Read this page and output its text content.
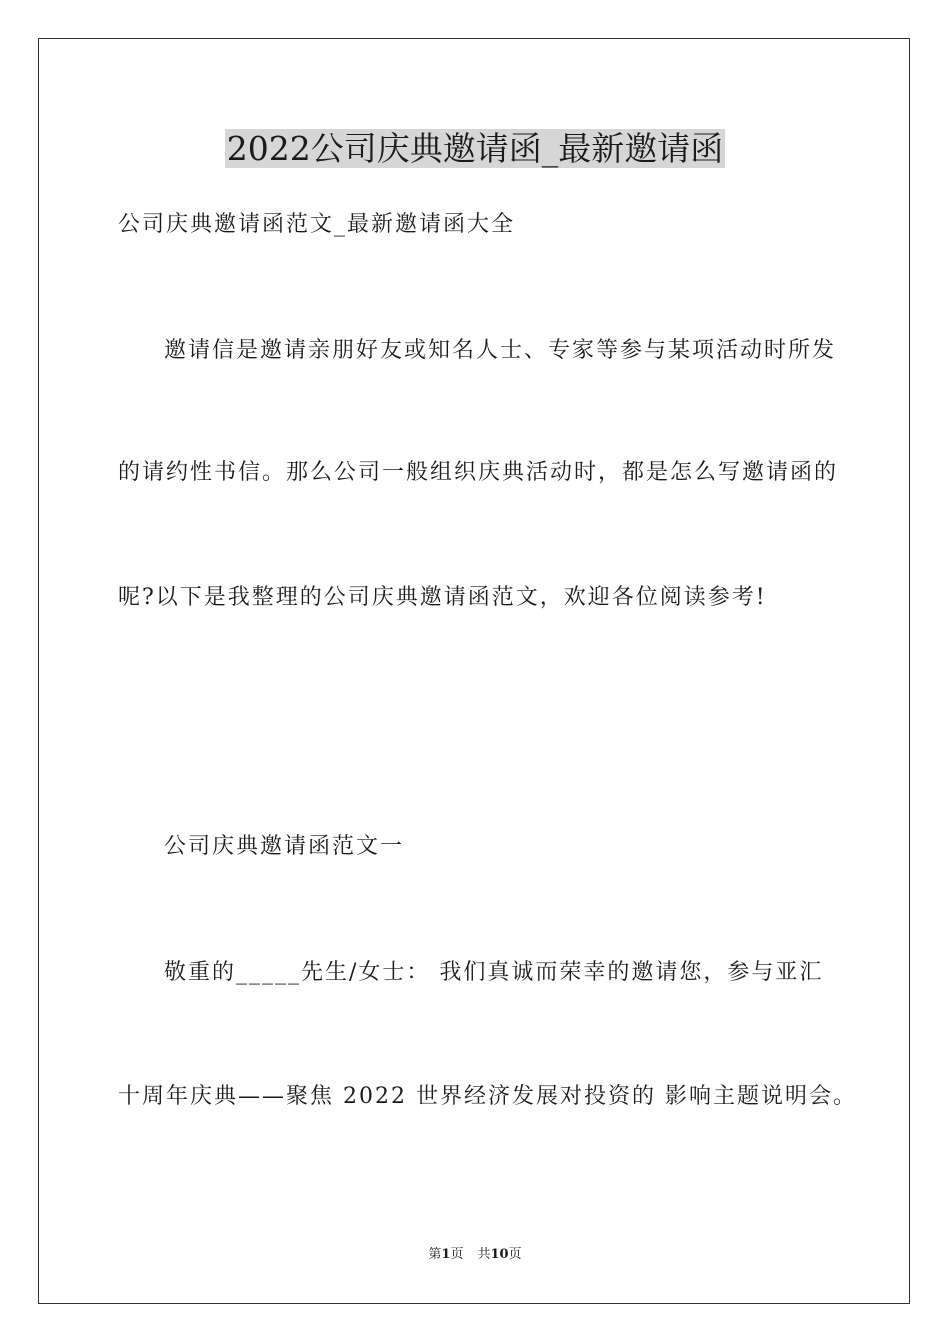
2022公司庆典邀请函_最新邀请函

公司庆典邀请函范文_最新邀请函大全

邀请信是邀请亲朋好友或知名人士、专家等参与某项活动时所发

的请约性书信。那么公司一般组织庆典活动时，都是怎么写邀请函的

呢?以下是我整理的公司庆典邀请函范文，欢迎各位阅读参考!

公司庆典邀请函范文一

敬重的_____先生/女士： 我们真诚而荣幸的邀请您，参与亚汇

十周年庆典——聚焦 2022 世界经济发展对投资的 影响主题说明会。

第1页 共10页
